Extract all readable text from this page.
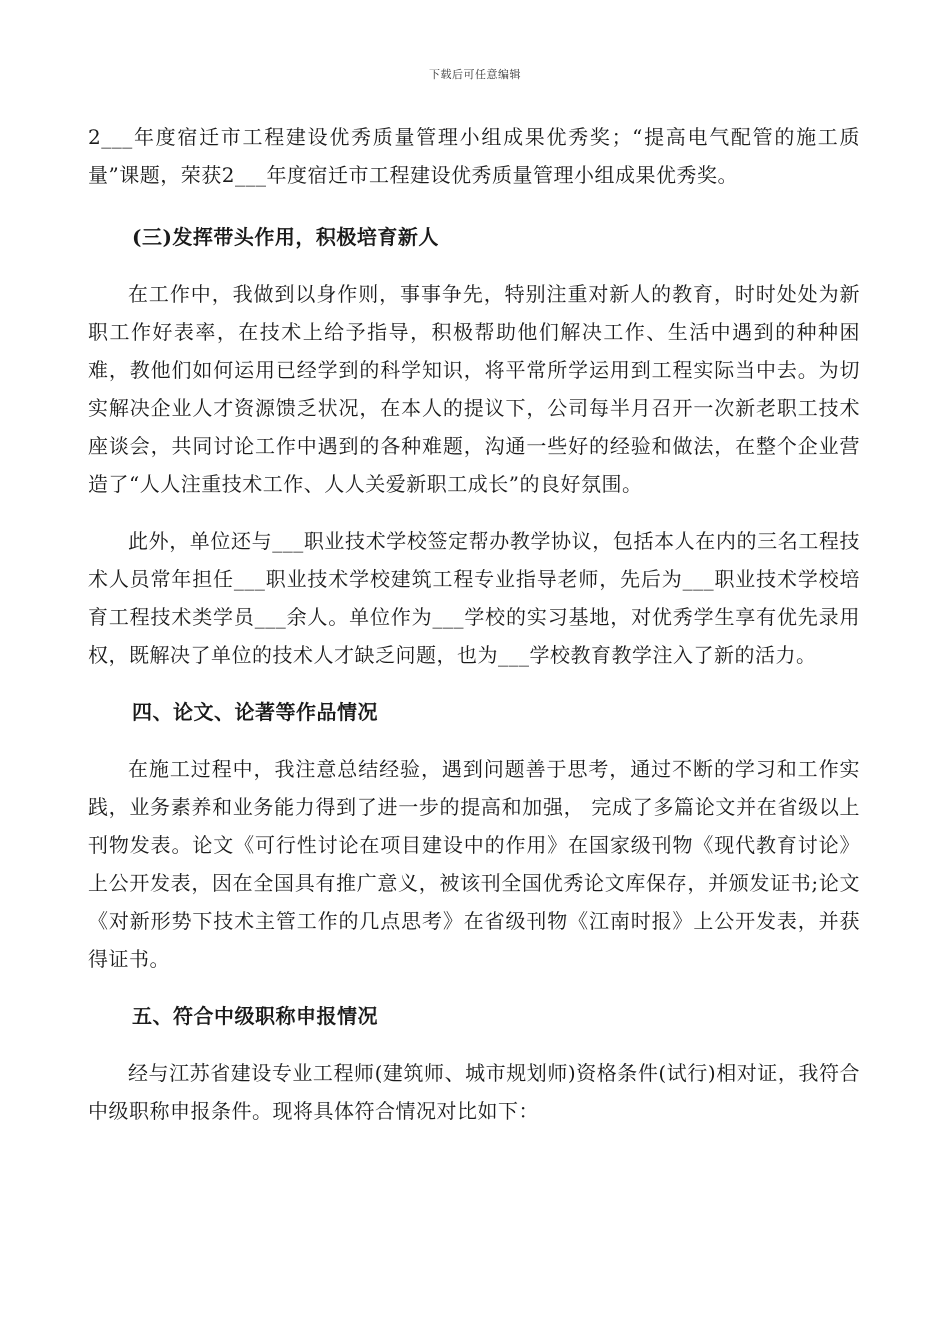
下载后可任意编辑

2___年度宿迁市工程建设优秀质量管理小组成果优秀奖；“提高电气配管的施工质量”课题，荣获2___年度宿迁市工程建设优秀质量管理小组成果优秀奖。

(三)发挥带头作用，积极培育新人

在工作中，我做到以身作则，事事争先，特别注重对新人的教育，时时处处为新职工作好表率，在技术上给予指导，积极帮助他们解决工作、生活中遇到的种种困难，教他们如何运用已经学到的科学知识，将平常所学运用到工程实际当中去。为切实解决企业人才资源馈乏状况，在本人的提议下，公司每半月召开一次新老职工技术座谈会，共同讨论工作中遇到的各种难题，沟通一些好的经验和做法，在整个企业营造了“人人注重技术工作、人人关爱新职工成长”的良好氛围。

此外，单位还与___职业技术学校签定帮办教学协议，包括本人在内的三名工程技术人员常年担任___职业技术学校建筑工程专业指导老师，先后为___职业技术学校培育工程技术类学员___余人。单位作为___学校的实习基地，对优秀学生享有优先录用权，既解决了单位的技术人才缺乏问题，也为___学校教育教学注入了新的活力。

四、论文、论著等作品情况

在施工过程中，我注意总结经验，遇到问题善于思考，通过不断的学习和工作实践，业务素养和业务能力得到了进一步的提高和加强， 完成了多篇论文并在省级以上刊物发表。论文《可行性讨论在项目建设中的作用》在国家级刊物《现代教育讨论》上公开发表，因在全国具有推广意义，被该刊全国优秀论文库保存，并颁发证书;论文《对新形势下技术主管工作的几点思考》在省级刊物《江南时报》上公开发表，并获得证书。

五、符合中级职称申报情况

经与江苏省建设专业工程师(建筑师、城市规划师)资格条件(试行)相对证，我符合中级职称申报条件。现将具体符合情况对比如下：
